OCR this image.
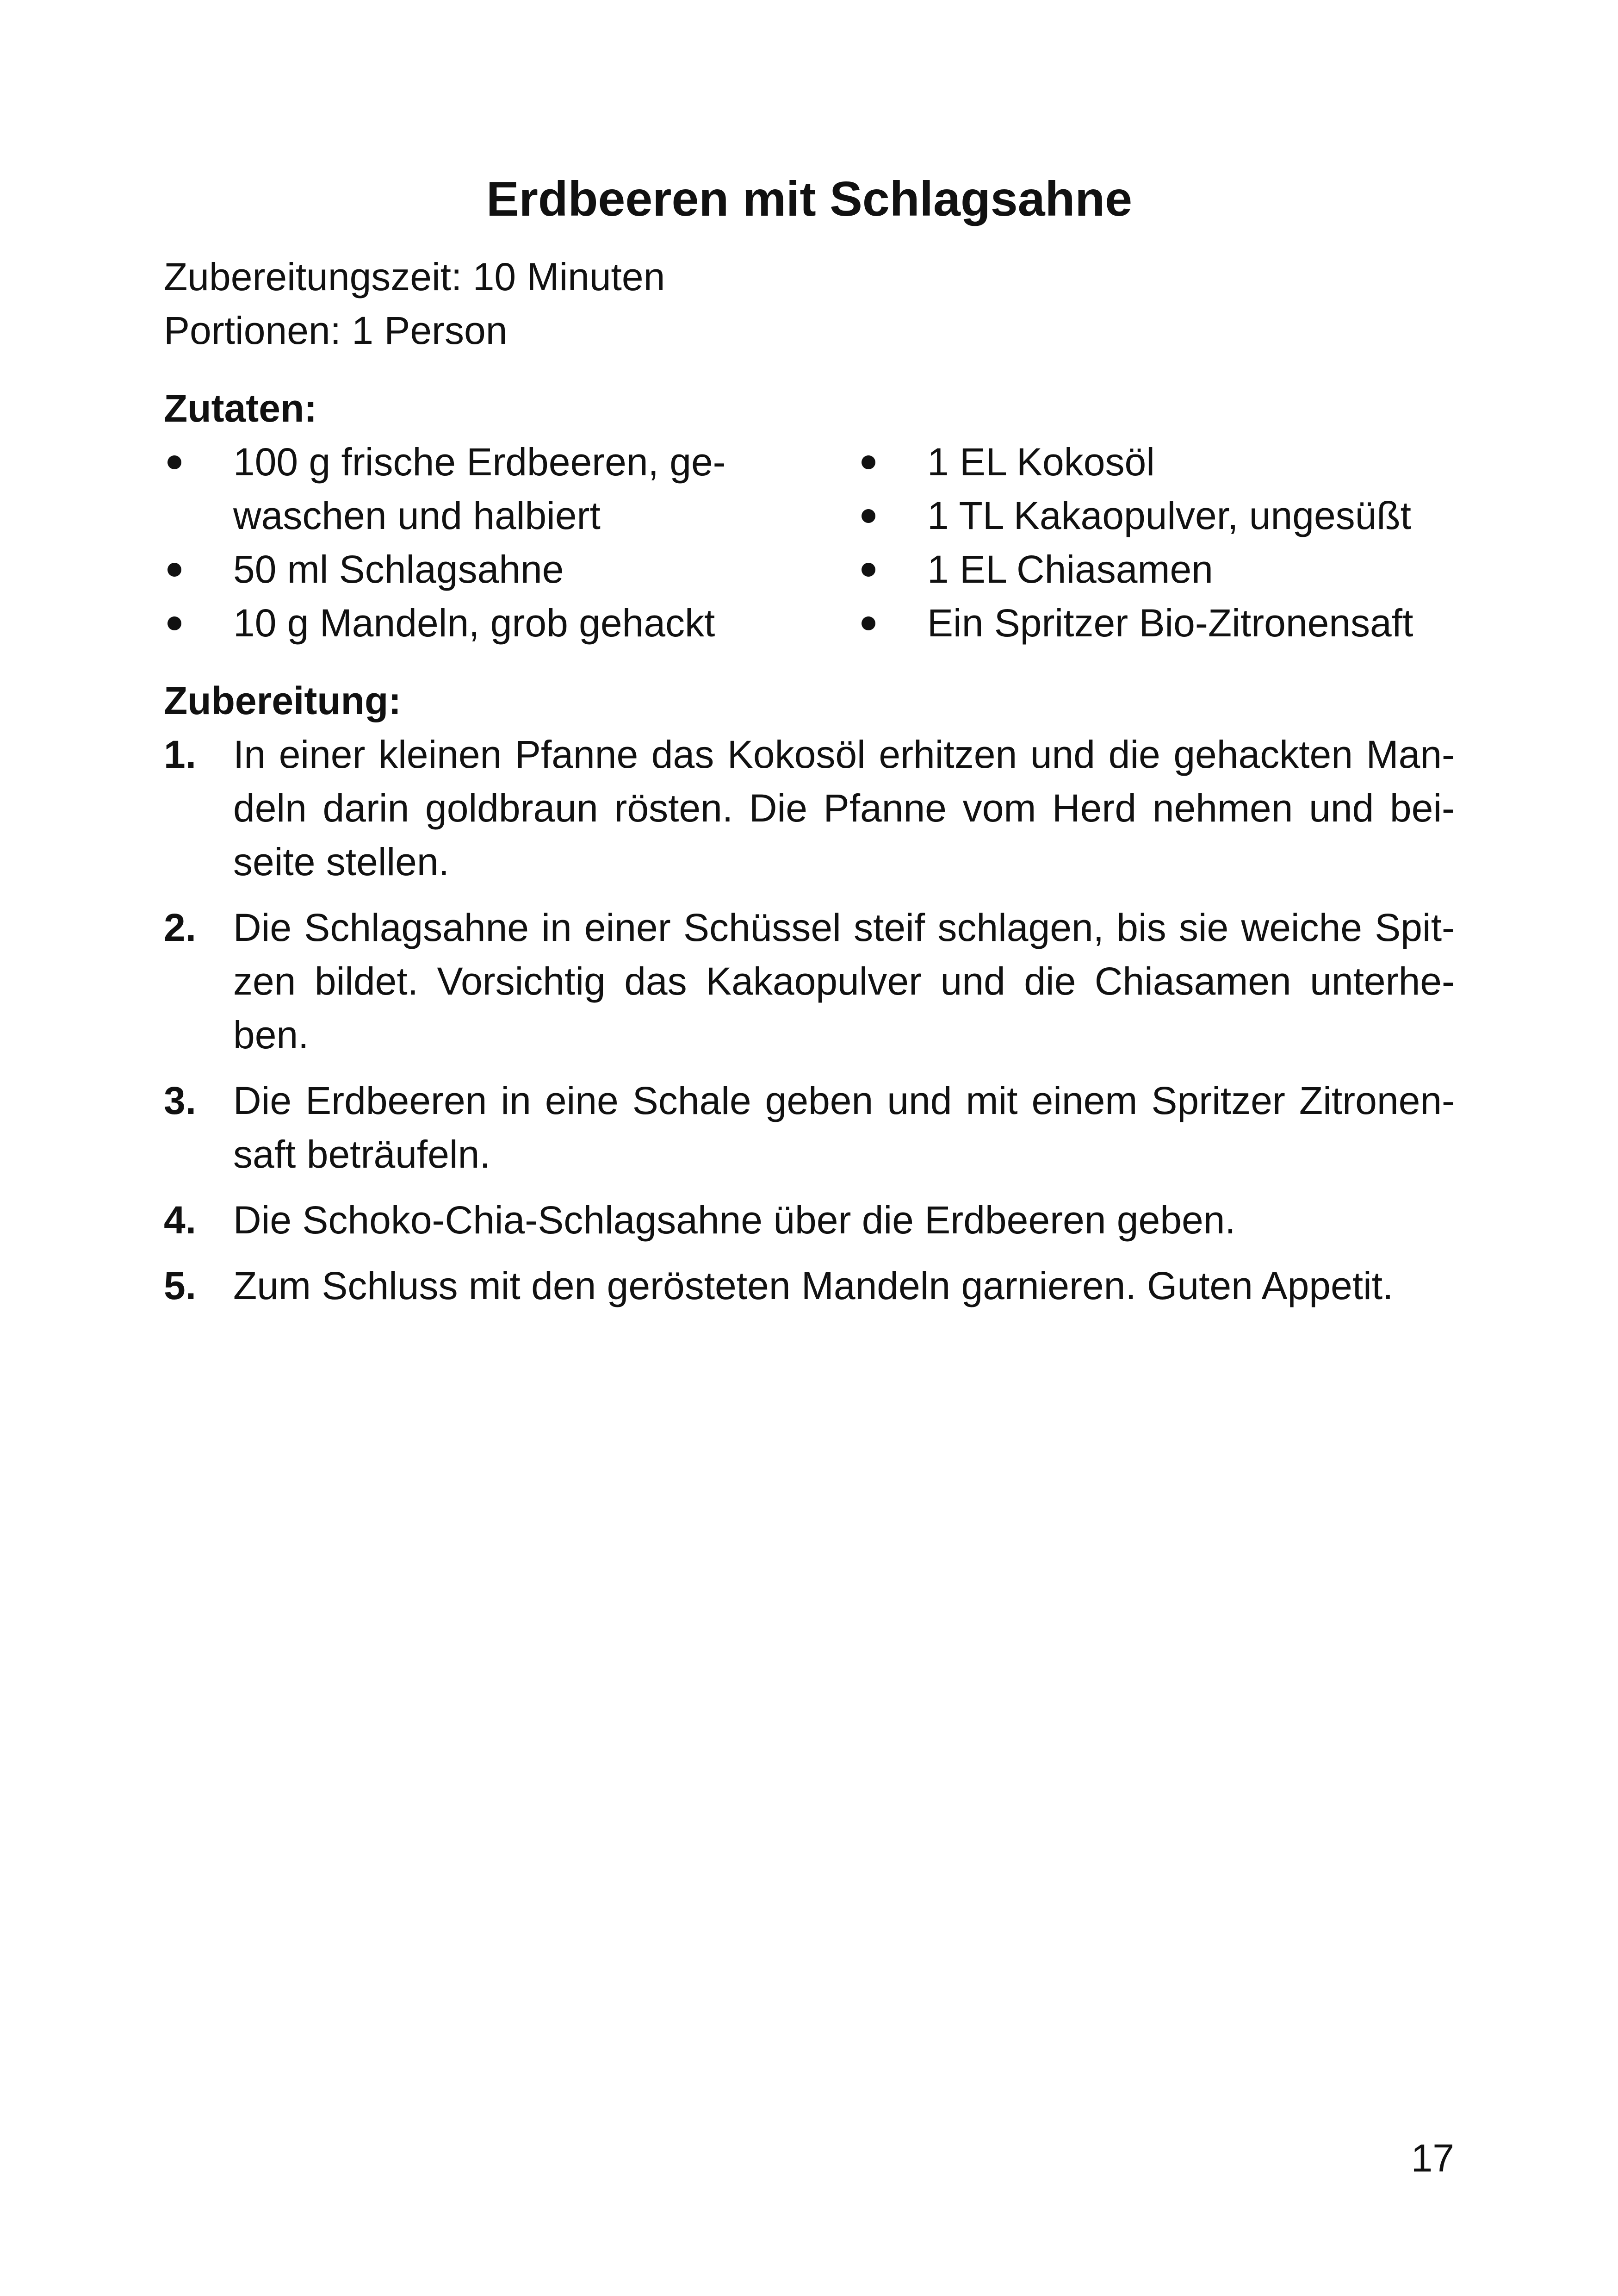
Erdbeeren mit Schlagsahne

Zubereitungszeit: 10 Minuten

Portionen: 1 Person

Zutaten:

100 g frische Erdbeeren, ge-
waschen und halbiert
50 ml Schlagsahne
10 g Mandeln, grob gehackt
1 EL Kokosöl
1 TL Kakaopulver, ungesüßt
1 EL Chiasamen
Ein Spritzer Bio-Zitronensaft

Zubereitung:

1. In einer kleinen Pfanne das Kokosöl erhitzen und die gehackten Man-
deln darin goldbraun rösten. Die Pfanne vom Herd nehmen und bei-
seite stellen.
2. Die Schlagsahne in einer Schüssel steif schlagen, bis sie weiche Spit-
zen bildet. Vorsichtig das Kakaopulver und die Chiasamen unterhe-
ben.
3. Die Erdbeeren in eine Schale geben und mit einem Spritzer Zitronen-
saft beträufeln.
4. Die Schoko-Chia-Schlagsahne über die Erdbeeren geben.
5. Zum Schluss mit den gerösteten Mandeln garnieren. Guten Appetit.
17
